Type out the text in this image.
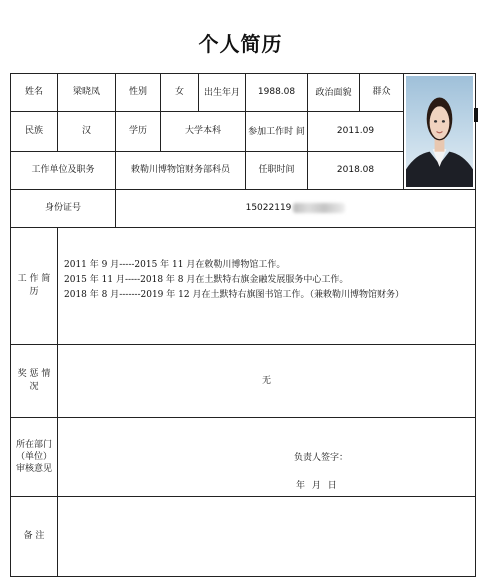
个人简历
姓名	梁晓凤	性别	女	出生年月	1988.08	政治面貌	群众	

民族	汉	学历	大学本科		参加工作时 间	2011.09		
工作单位及职务		敕勒川博物馆财务部科员			任职时间	2018.08		
身份证号		15022119						
工 作 简 历	2011 年 9 月-----2015 年 11 月在敕勒川博物馆工作。
2015 年 11 月-----2018 年 8 月在土默特右旗金融发展服务中心工作。
2018 年 8 月-------2019 年 12 月在土默特右旗图书馆工作。（兼敕勒川博物馆财务）							

奖 惩 情 况	无							
所在部门（单位）审核意见	负责人签字：
年 月 日							

备 注								
